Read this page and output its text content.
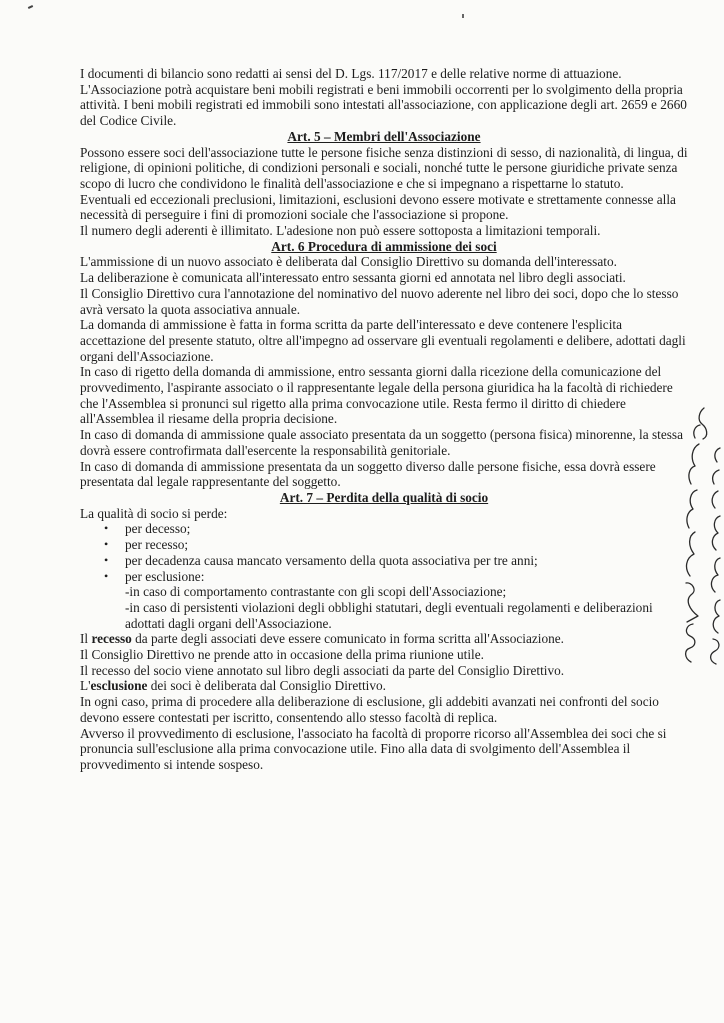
I documenti di bilancio sono redatti ai sensi del D. Lgs. 117/2017 e delle relative norme di attuazione.

L'Associazione potrà acquistare beni mobili registrati e beni immobili occorrenti per lo svolgimento della propria attività. I beni mobili registrati ed immobili sono intestati all'associazione, con applicazione degli art. 2659 e 2660 del Codice Civile.

Art. 5 – Membri dell'Associazione

Possono essere soci dell'associazione tutte le persone fisiche senza distinzioni di sesso, di nazionalità, di lingua, di religione, di opinioni politiche, di condizioni personali e sociali, nonché tutte le persone giuridiche private senza scopo di lucro che condividono le finalità dell'associazione e che si impegnano a rispettarne lo statuto.

Eventuali ed eccezionali preclusioni, limitazioni, esclusioni devono essere motivate e strettamente connesse alla necessità di perseguire i fini di promozioni sociale che l'associazione si propone.

Il numero degli aderenti è illimitato. L'adesione non può essere sottoposta a limitazioni temporali.

Art. 6 Procedura di ammissione dei soci

L'ammissione di un nuovo associato è deliberata dal Consiglio Direttivo su domanda dell'interessato.

La deliberazione è comunicata all'interessato entro sessanta giorni ed annotata nel libro degli associati.

Il Consiglio Direttivo cura l'annotazione del nominativo del nuovo aderente nel libro dei soci, dopo che lo stesso avrà versato la quota associativa annuale.

La domanda di ammissione è fatta in forma scritta da parte dell'interessato e deve contenere l'esplicita accettazione del presente statuto, oltre all'impegno ad osservare gli eventuali regolamenti e delibere, adottati dagli organi dell'Associazione.

In caso di rigetto della domanda di ammissione, entro sessanta giorni dalla ricezione della comunicazione del provvedimento, l'aspirante associato o il rappresentante legale della persona giuridica ha la facoltà di richiedere che l'Assemblea si pronunci sul rigetto alla prima convocazione utile. Resta fermo il diritto di chiedere all'Assemblea il riesame della propria decisione.

In caso di domanda di ammissione quale associato presentata da un soggetto (persona fisica) minorenne, la stessa dovrà essere controfirmata dall'esercente la responsabilità genitoriale.

In caso di domanda di ammissione presentata da un soggetto diverso dalle persone fisiche, essa dovrà essere presentata dal legale rappresentante del soggetto.

Art. 7 – Perdita della qualità di socio

La qualità di socio si perde:

• per decesso;
• per recesso;
• per decadenza causa mancato versamento della quota associativa per tre anni;
• per esclusione:

-in caso di comportamento contrastante con gli scopi dell'Associazione;

-in caso di persistenti violazioni degli obblighi statutari, degli eventuali regolamenti e deliberazioni adottati dagli organi dell'Associazione.

Il recesso da parte degli associati deve essere comunicato in forma scritta all'Associazione.

Il Consiglio Direttivo ne prende atto in occasione della prima riunione utile.

Il recesso del socio viene annotato sul libro degli associati da parte del Consiglio Direttivo.

L'esclusione dei soci è deliberata dal Consiglio Direttivo.

In ogni caso, prima di procedere alla deliberazione di esclusione, gli addebiti avanzati nei confronti del socio devono essere contestati per iscritto, consentendo allo stesso facoltà di replica.

Avverso il provvedimento di esclusione, l'associato ha facoltà di proporre ricorso all'Assemblea dei soci che si pronuncia sull'esclusione alla prima convocazione utile. Fino alla data di svolgimento dell'Assemblea il provvedimento si intende sospeso.
